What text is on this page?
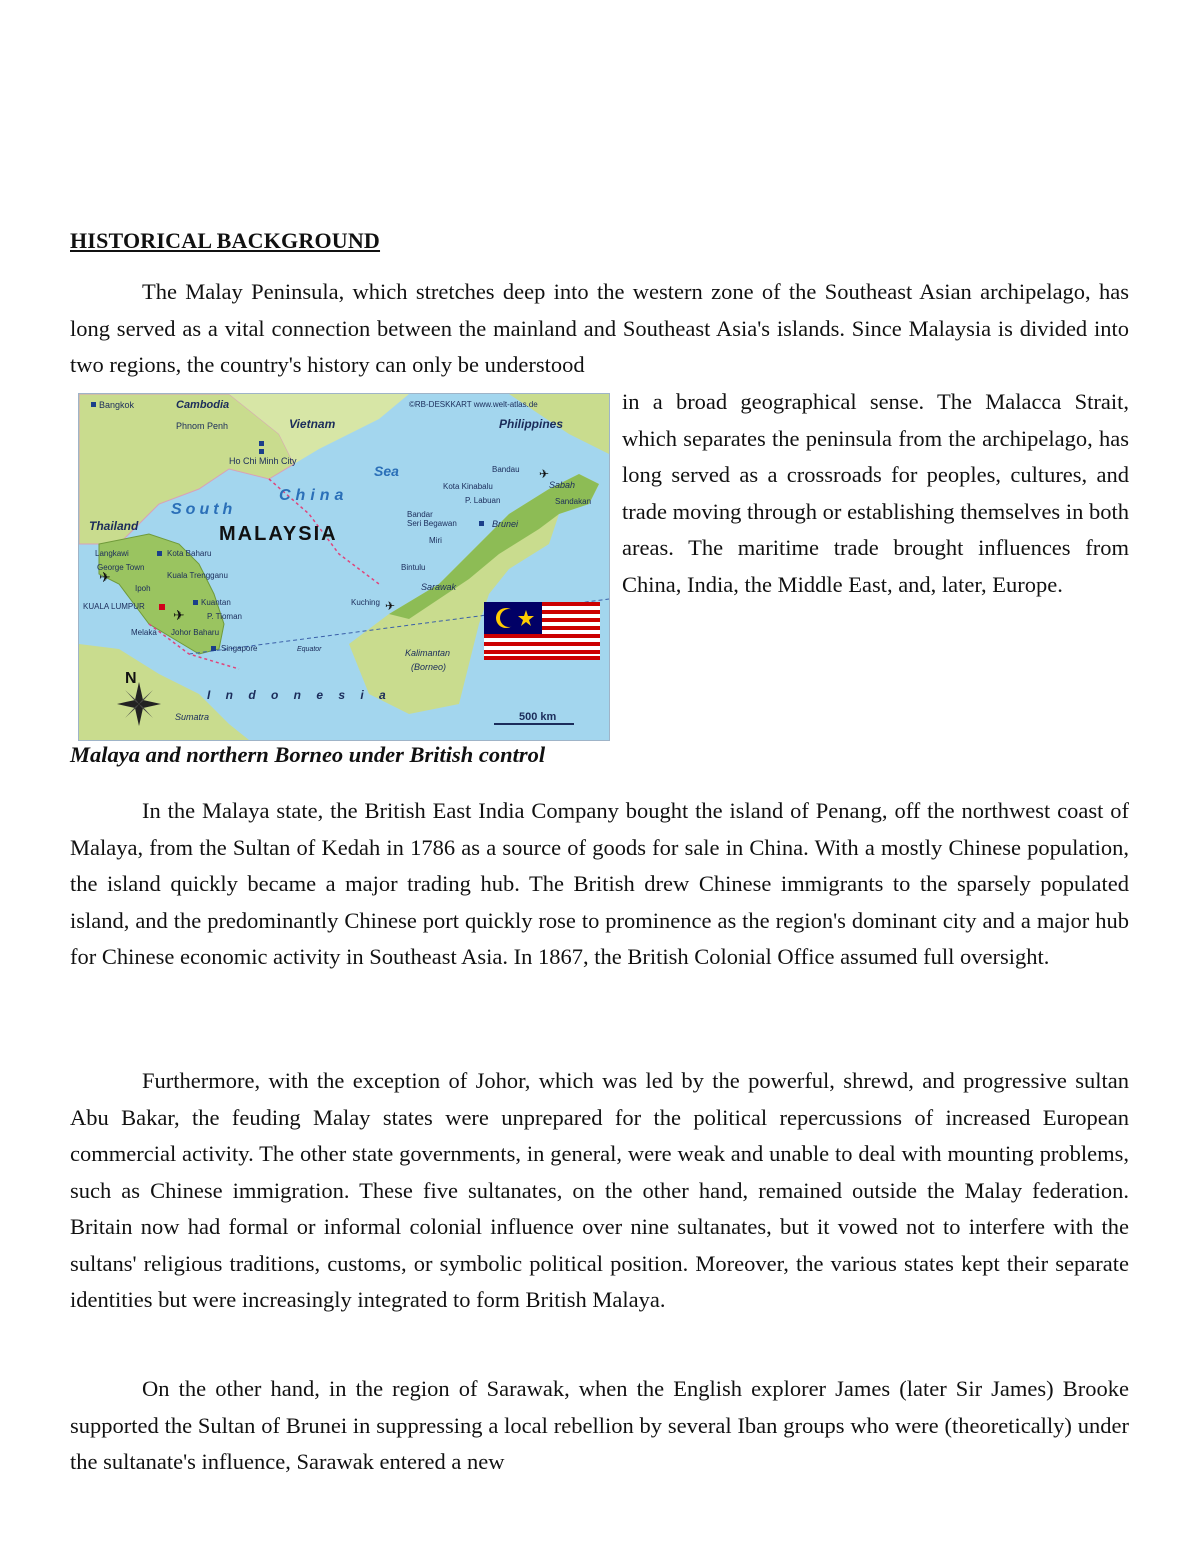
HISTORICAL BACKGROUND

The Malay Peninsula, which stretches deep into the western zone of the Southeast Asian archipelago, has long served as a vital connection between the mainland and Southeast Asia's islands. Since Malaysia is divided into two regions, the country's history can only be understood

N
500 km
Bangkok	Cambodia
Phnom Penh	Vietnam
Ho Chi Minh City
©RB-DESKKART www.welt-atlas.de
Philippines
Sea
China
South
Thailand	MALAYSIA
Langkawi	Kota Baharu
George Town
Kuala Trengganu
Ipoh
Kuantan
KUALA LUMPUR
P. Tioman
Melaka Johor Baharu
Singapore	Equator
Kuching
Bintulu
Sarawak
Miri
Bandar
Seri Begawan	Brunei
P. Labuan
Kota Kinabalu
Bandau
Sabah
Sandakan
Kalimantan
(Borneo)
I n d o n e s i a
Sumatra
✈
✈
✈
✈

in a broad geographical sense. The Malacca Strait, which separates the peninsula from the archipelago, has long served as a crossroads for peoples, cultures, and trade moving through or establishing themselves in both areas. The maritime trade brought influences from China, India, the Middle East, and, later, Europe.

Malaya and northern Borneo under British control

In the Malaya state, the British East India Company bought the island of Penang, off the northwest coast of Malaya, from the Sultan of Kedah in 1786 as a source of goods for sale in China. With a mostly Chinese population, the island quickly became a major trading hub. The British drew Chinese immigrants to the sparsely populated island, and the predominantly Chinese port quickly rose to prominence as the region's dominant city and a major hub for Chinese economic activity in Southeast Asia. In 1867, the British Colonial Office assumed full oversight.

Furthermore, with the exception of Johor, which was led by the powerful, shrewd, and progressive sultan Abu Bakar, the feuding Malay states were unprepared for the political repercussions of increased European commercial activity. The other state governments, in general, were weak and unable to deal with mounting problems, such as Chinese immigration. These five sultanates, on the other hand, remained outside the Malay federation. Britain now had formal or informal colonial influence over nine sultanates, but it vowed not to interfere with the sultans' religious traditions, customs, or symbolic political position. Moreover, the various states kept their separate identities but were increasingly integrated to form British Malaya.

On the other hand, in the region of Sarawak, when the English explorer James (later Sir James) Brooke supported the Sultan of Brunei in suppressing a local rebellion by several Iban groups who were (theoretically) under the sultanate's influence, Sarawak entered a new
